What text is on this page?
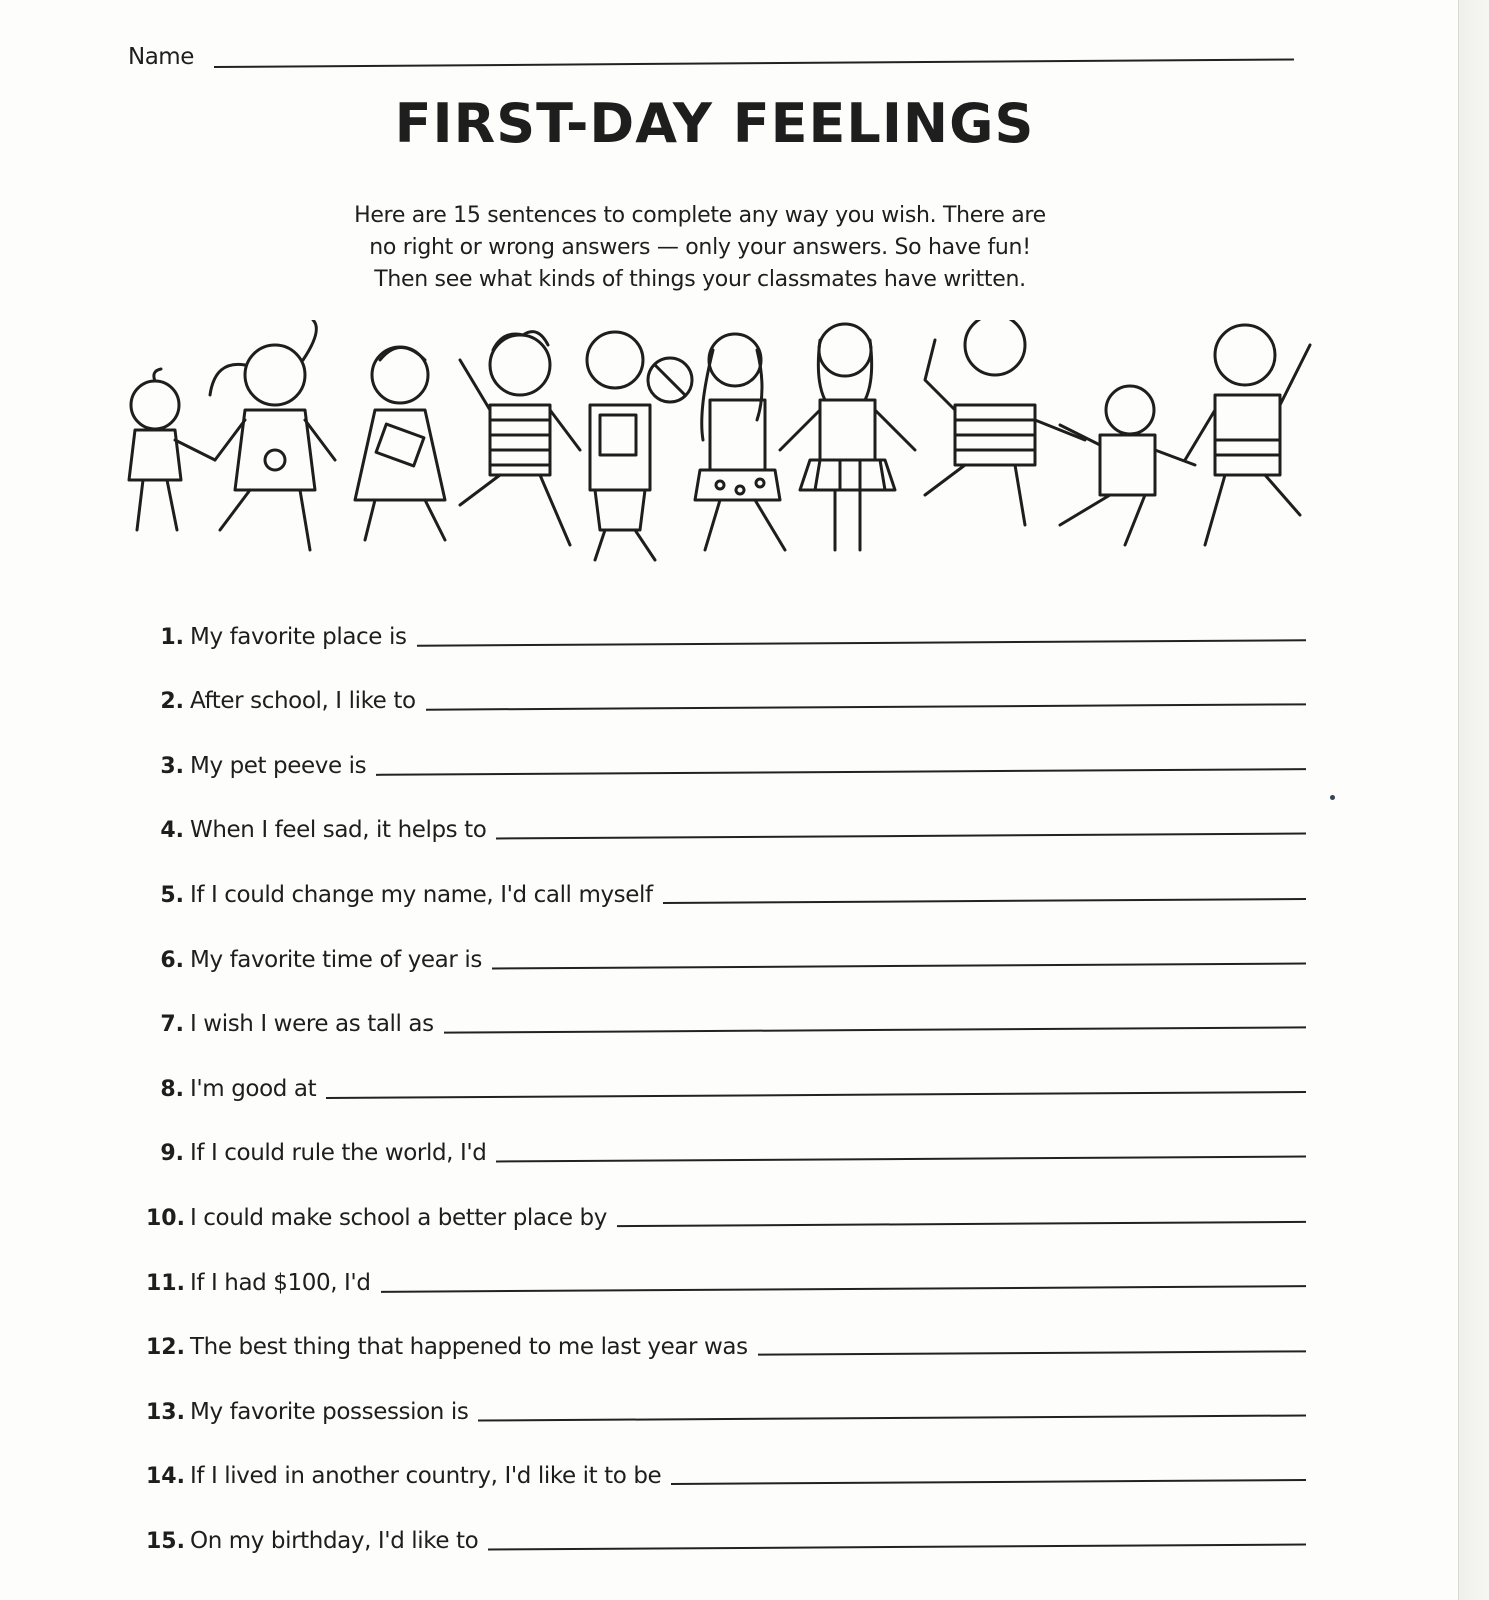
Name
FIRST-DAY FEELINGS
Here are 15 sentences to complete any way you wish. There are
no right or wrong answers — only your answers. So have fun!
Then see what kinds of things your classmates have written.
1. My favorite place is
2. After school, I like to
3. My pet peeve is
4. When I feel sad, it helps to
5. If I could change my name, I'd call myself
6. My favorite time of year is
7. I wish I were as tall as
8. I'm good at
9. If I could rule the world, I'd
10. I could make school a better place by
11. If I had $100, I'd
12. The best thing that happened to me last year was
13. My favorite possession is
14. If I lived in another country, I'd like it to be
15. On my birthday, I'd like to
